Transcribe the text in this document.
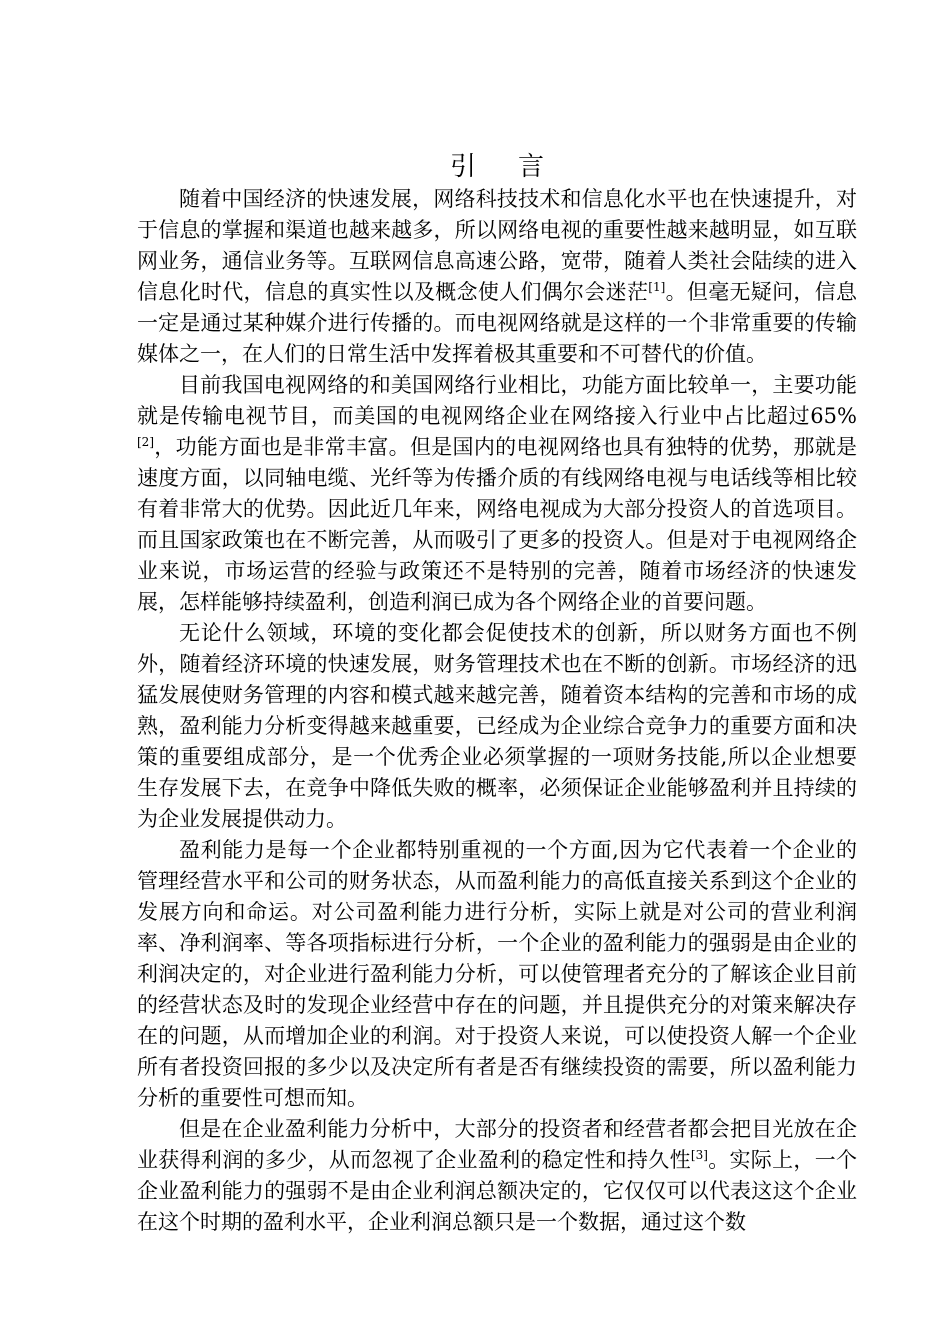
引言

随着中国经济的快速发展，网络科技技术和信息化水平也在快速提升，对于信息的掌握和渠道也越来越多，所以网络电视的重要性越来越明显，如互联网业务，通信业务等。互联网信息高速公路，宽带，随着人类社会陆续的进入信息化时代，信息的真实性以及概念使人们偶尔会迷茫[1]。但毫无疑问，信息一定是通过某种媒介进行传播的。而电视网络就是这样的一个非常重要的传输媒体之一，在人们的日常生活中发挥着极其重要和不可替代的价值。

目前我国电视网络的和美国网络行业相比，功能方面比较单一，主要功能就是传输电视节目，而美国的电视网络企业在网络接入行业中占比超过65%[2]，功能方面也是非常丰富。但是国内的电视网络也具有独特的优势，那就是速度方面，以同轴电缆、光纤等为传播介质的有线网络电视与电话线等相比较有着非常大的优势。因此近几年来，网络电视成为大部分投资人的首选项目。而且国家政策也在不断完善，从而吸引了更多的投资人。但是对于电视网络企业来说，市场运营的经验与政策还不是特别的完善，随着市场经济的快速发展，怎样能够持续盈利，创造利润已成为各个网络企业的首要问题。

无论什么领域，环境的变化都会促使技术的创新，所以财务方面也不例外，随着经济环境的快速发展，财务管理技术也在不断的创新。市场经济的迅猛发展使财务管理的内容和模式越来越完善，随着资本结构的完善和市场的成熟，盈利能力分析变得越来越重要，已经成为企业综合竞争力的重要方面和决策的重要组成部分，是一个优秀企业必须掌握的一项财务技能,所以企业想要生存发展下去，在竞争中降低失败的概率，必须保证企业能够盈利并且持续的为企业发展提供动力。

盈利能力是每一个企业都特别重视的一个方面,因为它代表着一个企业的管理经营水平和公司的财务状态，从而盈利能力的高低直接关系到这个企业的发展方向和命运。对公司盈利能力进行分析，实际上就是对公司的营业利润率、净利润率、等各项指标进行分析，一个企业的盈利能力的强弱是由企业的利润决定的，对企业进行盈利能力分析，可以使管理者充分的了解该企业目前的经营状态及时的发现企业经营中存在的问题，并且提供充分的对策来解决存在的问题，从而增加企业的利润。对于投资人来说，可以使投资人解一个企业所有者投资回报的多少以及决定所有者是否有继续投资的需要，所以盈利能力分析的重要性可想而知。

但是在企业盈利能力分析中，大部分的投资者和经营者都会把目光放在企业获得利润的多少，从而忽视了企业盈利的稳定性和持久性[3]。实际上，一个企业盈利能力的强弱不是由企业利润总额决定的，它仅仅可以代表这这个企业在这个时期的盈利水平，企业利润总额只是一个数据，通过这个数
